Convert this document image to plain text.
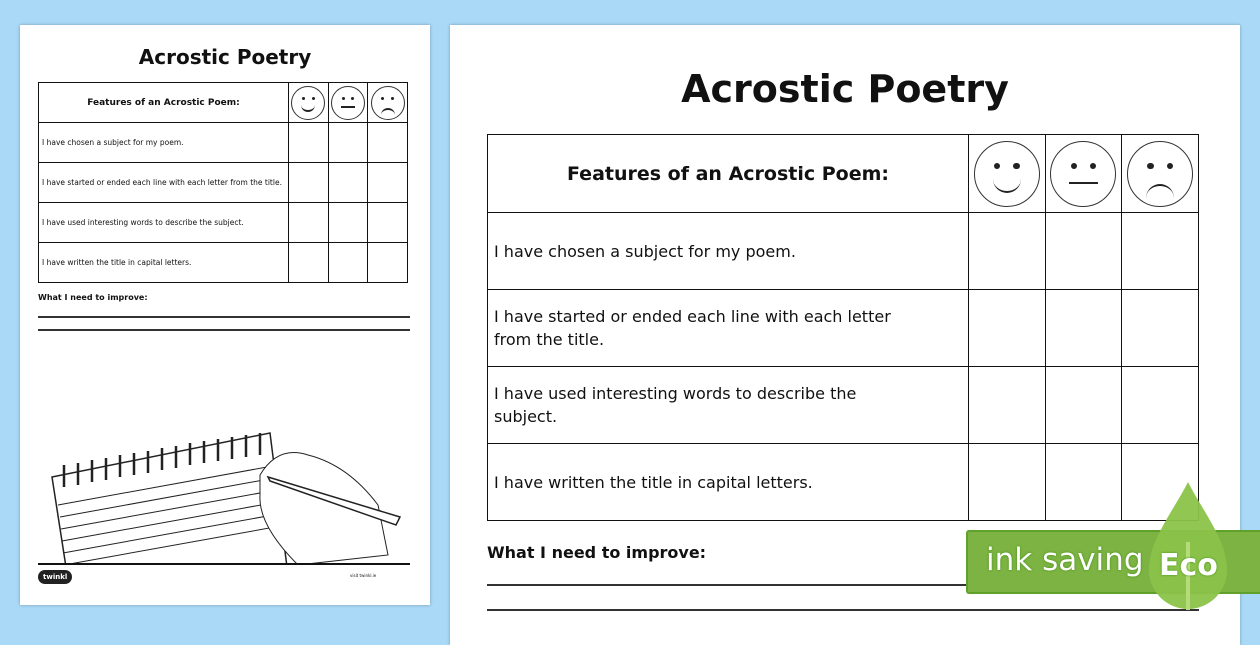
Acrostic Poetry
Features of an Acrostic Poem:	

I have chosen a subject for my poem.			
I have started or ended each line with each letter from the title.			
I have used interesting words to describe the subject.			
I have written the title in capital letters.			
What I need to improve:
twinkl	visit twinkl.ie
Acrostic Poetry
Features of an Acrostic Poem:	

I have chosen a subject for my poem.			
I have started or ended each line with each letter from the title.			
I have used interesting words to describe the subject.			
I have written the title in capital letters.			
What I need to improve:	ink saving Eco
